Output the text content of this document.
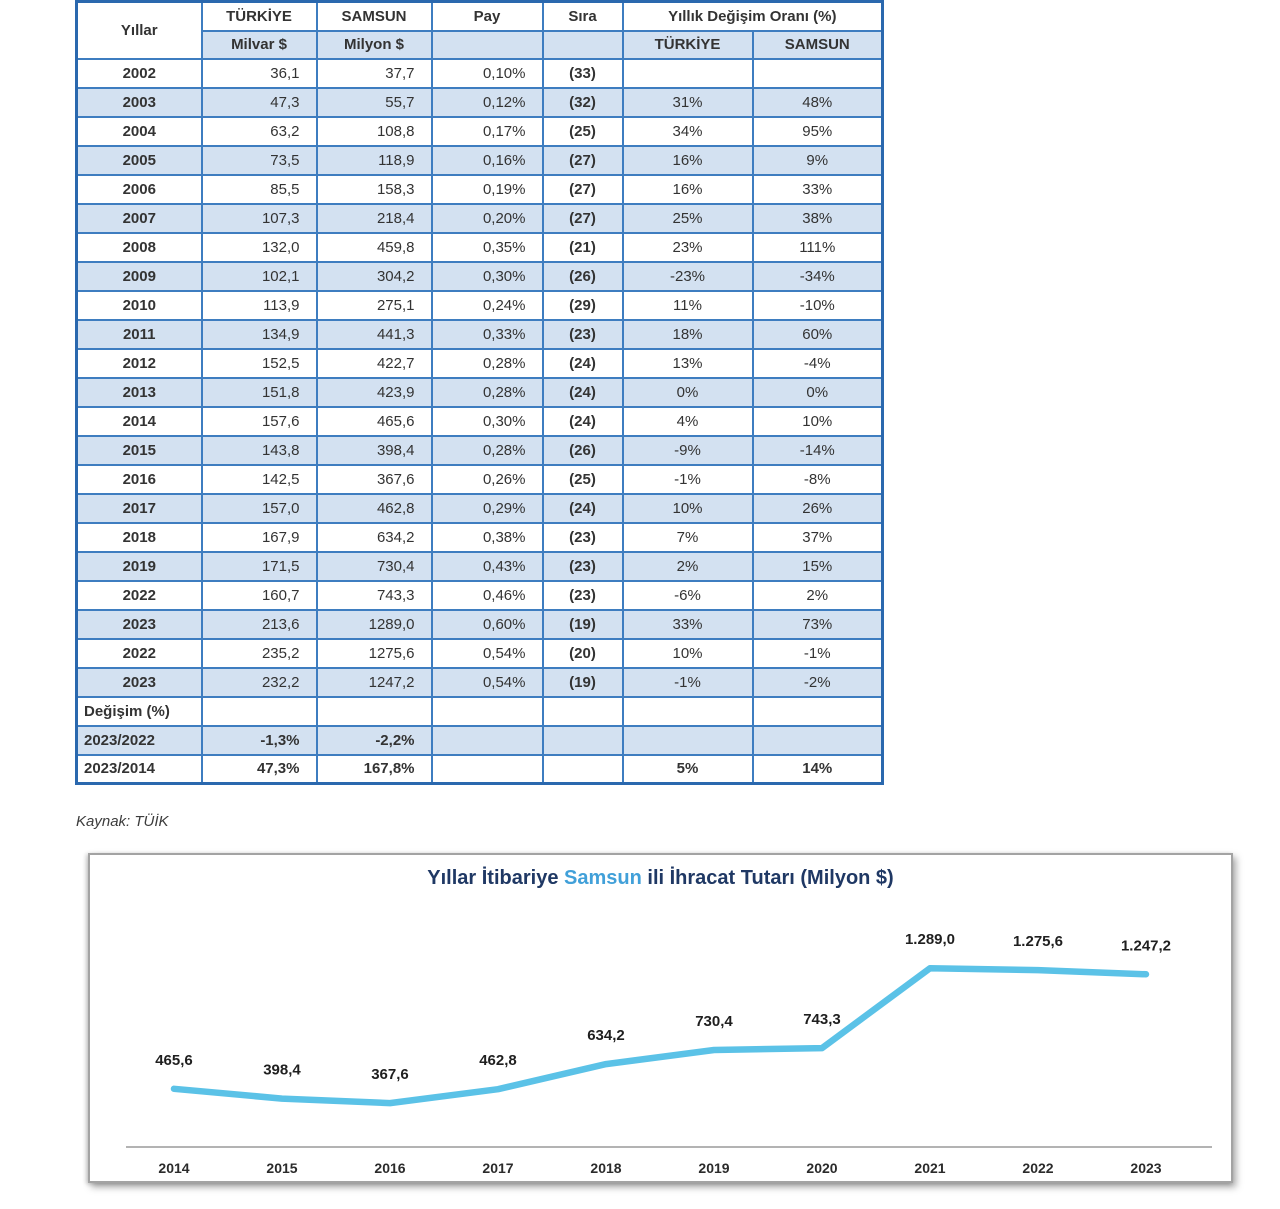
Yıllar	TÜRKİYE	SAMSUN	Pay	Sıra	Yıllık Değişim Oranı (%)	
	Milvar $	Milyon $			TÜRKİYE	SAMSUN
2002	36,1	37,7	0,10%	(33)		
2003	47,3	55,7	0,12%	(32)	31%	48%
2004	63,2	108,8	0,17%	(25)	34%	95%
2005	73,5	118,9	0,16%	(27)	16%	9%
2006	85,5	158,3	0,19%	(27)	16%	33%
2007	107,3	218,4	0,20%	(27)	25%	38%
2008	132,0	459,8	0,35%	(21)	23%	111%
2009	102,1	304,2	0,30%	(26)	-23%	-34%
2010	113,9	275,1	0,24%	(29)	11%	-10%
2011	134,9	441,3	0,33%	(23)	18%	60%
2012	152,5	422,7	0,28%	(24)	13%	-4%
2013	151,8	423,9	0,28%	(24)	0%	0%
2014	157,6	465,6	0,30%	(24)	4%	10%
2015	143,8	398,4	0,28%	(26)	-9%	-14%
2016	142,5	367,6	0,26%	(25)	-1%	-8%
2017	157,0	462,8	0,29%	(24)	10%	26%
2018	167,9	634,2	0,38%	(23)	7%	37%
2019	171,5	730,4	0,43%	(23)	2%	15%
2022	160,7	743,3	0,46%	(23)	-6%	2%
2023	213,6	1289,0	0,60%	(19)	33%	73%
2022	235,2	1275,6	0,54%	(20)	10%	-1%
2023	232,2	1247,2	0,54%	(19)	-1%	-2%
Değişim (%)						
2023/2022	-1,3%	-2,2%				
2023/2014	47,3%	167,8%			5%	14%
Kaynak: TÜİK
Yıllar İtibariye Samsun ili İhracat Tutarı (Milyon $)
465,6
398,4	367,6
462,8
634,2
730,4	743,3
1.289,0	1.275,6	1.247,2
2014	2015	2016	2017	2018	2019	2020	2021	2022	2023
